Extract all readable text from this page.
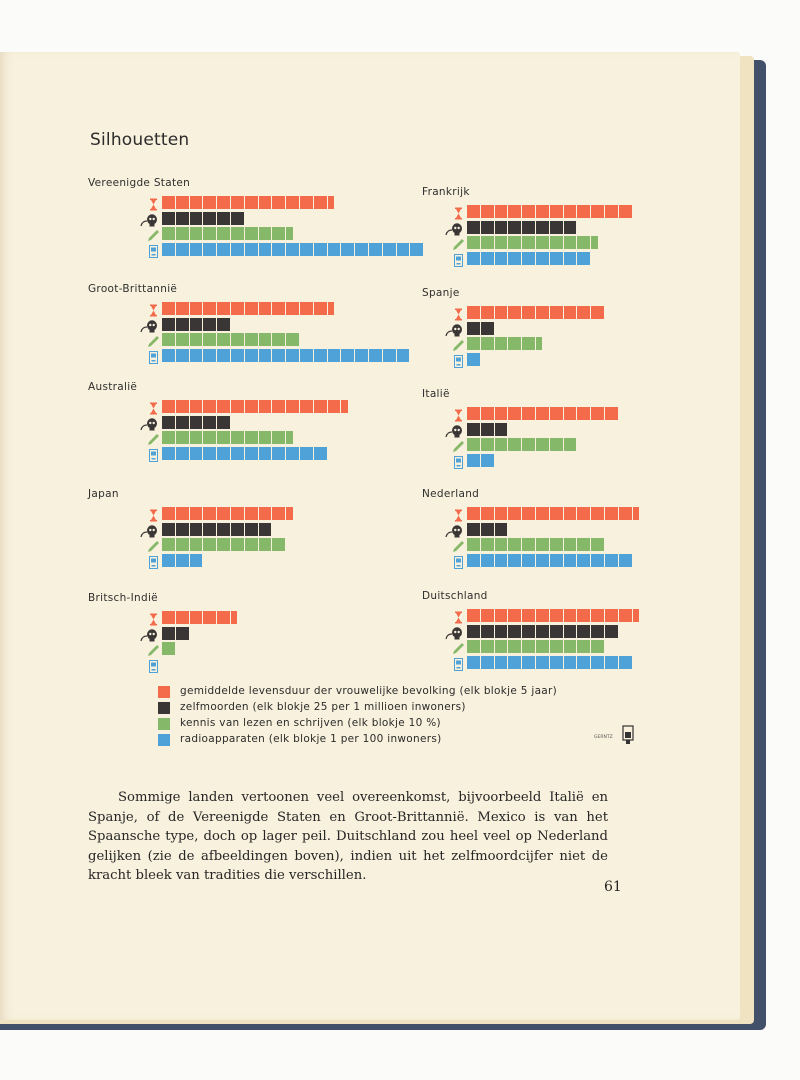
Silhouetten
Vereenigde Staten
Groot-Brittannië
Australië
Japan
Britsch-Indië
Frankrijk
Spanje
Italië
Nederland
Duitschland
gemiddelde levensduur der vrouwelijke bevolking (elk blokje 5 jaar)
zelfmoorden (elk blokje 25 per 1 millioen inwoners)
kennis van lezen en schrijven (elk blokje 10 %)
radioapparaten (elk blokje 1 per 100 inwoners)	GERNTZ
Sommige landen vertoonen veel overeenkomst, bijvoorbeeld Italië en Spanje, of de Vereenigde Staten en Groot-Brittannië. Mexico is van het Spaansche type, doch op lager peil. Duitschland zou heel veel op Nederland gelijken (zie de afbeeldingen boven), indien uit het zelfmoordcijfer niet de kracht bleek van tradities die verschillen.
61
